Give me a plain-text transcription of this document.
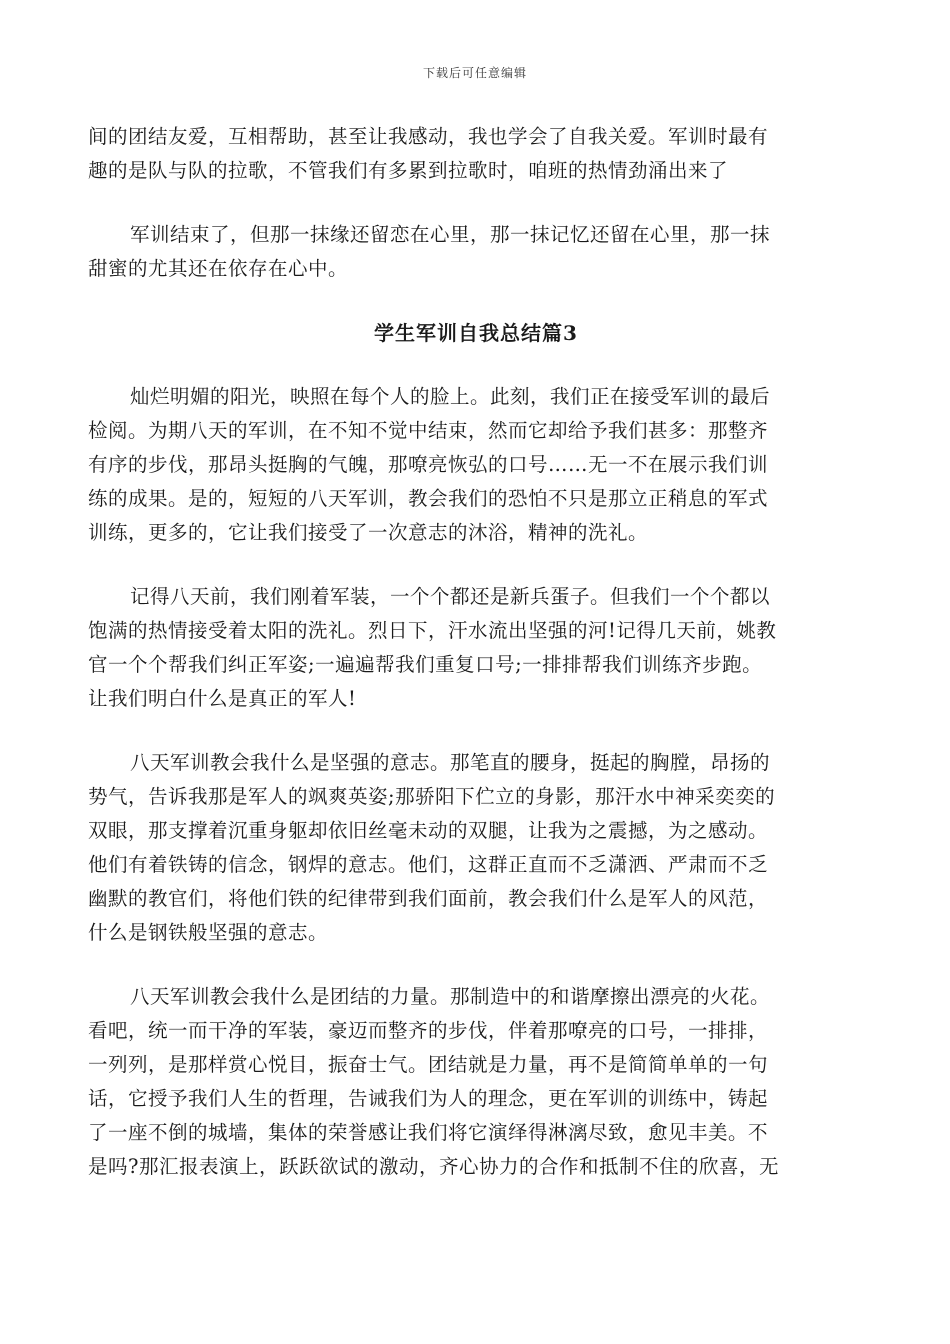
下载后可任意编辑
间的团结友爱，互相帮助，甚至让我感动，我也学会了自我关爱。军训时最有
趣的是队与队的拉歌，不管我们有多累到拉歌时，咱班的热情劲涌出来了
军训结束了，但那一抹缘还留恋在心里，那一抹记忆还留在心里，那一抹
甜蜜的尤其还在依存在心中。
学生军训自我总结篇3
灿烂明媚的阳光，映照在每个人的脸上。此刻，我们正在接受军训的最后
检阅。为期八天的军训，在不知不觉中结束，然而它却给予我们甚多：那整齐
有序的步伐，那昂头挺胸的气魄，那嘹亮恢弘的口号……无一不在展示我们训
练的成果。是的，短短的八天军训，教会我们的恐怕不只是那立正稍息的军式
训练，更多的，它让我们接受了一次意志的沐浴，精神的洗礼。
记得八天前，我们刚着军装，一个个都还是新兵蛋子。但我们一个个都以
饱满的热情接受着太阳的洗礼。烈日下，汗水流出坚强的河!记得几天前，姚教
官一个个帮我们纠正军姿;一遍遍帮我们重复口号;一排排帮我们训练齐步跑。
让我们明白什么是真正的军人!
八天军训教会我什么是坚强的意志。那笔直的腰身，挺起的胸膛，昂扬的
势气，告诉我那是军人的飒爽英姿;那骄阳下伫立的身影，那汗水中神采奕奕的
双眼，那支撑着沉重身躯却依旧丝毫未动的双腿，让我为之震撼，为之感动。
他们有着铁铸的信念，钢焊的意志。他们，这群正直而不乏潇洒、严肃而不乏
幽默的教官们，将他们铁的纪律带到我们面前，教会我们什么是军人的风范，
什么是钢铁般坚强的意志。
八天军训教会我什么是团结的力量。那制造中的和谐摩擦出漂亮的火花。
看吧，统一而干净的军装，豪迈而整齐的步伐，伴着那嘹亮的口号，一排排，
一列列，是那样赏心悦目，振奋士气。团结就是力量，再不是简简单单的一句
话，它授予我们人生的哲理，告诫我们为人的理念，更在军训的训练中，铸起
了一座不倒的城墙，集体的荣誉感让我们将它演绎得淋漓尽致，愈见丰美。不
是吗?那汇报表演上，跃跃欲试的激动，齐心协力的合作和抵制不住的欣喜，无
